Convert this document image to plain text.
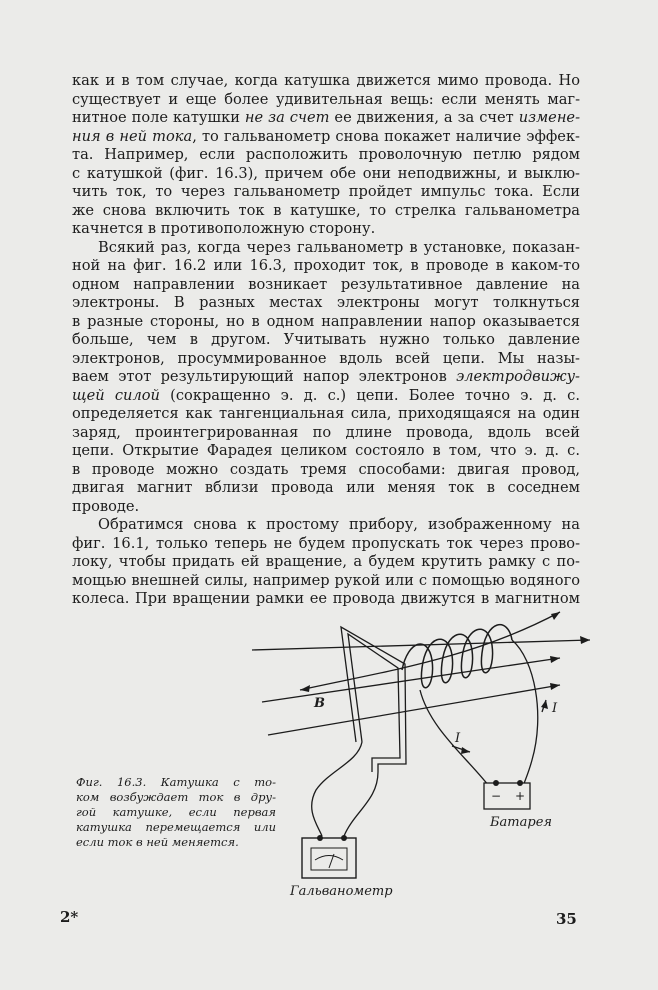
как и в том случае, когда катушка движется мимо провода. Но
существует и еще более удивительная вещь: если менять маг-
нитное поле катушки не за счет ее движения, а за счет измене-
ния в ней тока, то гальванометр снова покажет наличие эффек-
та. Например, если расположить проволочную петлю рядом
с катушкой (фиг. 16.3), причем обе они неподвижны, и выклю-
чить ток, то через гальванометр пройдет импульс тока. Если
же снова включить ток в катушке, то стрелка гальванометра
качнется в противоположную сторону.
Всякий раз, когда через гальванометр в установке, показан-
ной на фиг. 16.2 или 16.3, проходит ток, в проводе в каком-то
одном направлении возникает результативное давление на
электроны. В разных местах электроны могут толкнуться
в разные стороны, но в одном направлении напор оказывается
больше, чем в другом. Учитывать нужно только давление
электронов, просуммированное вдоль всей цепи. Мы назы-
ваем этот результирующий напор электронов электродвижу-
щей силой (сокращенно э. д. с.) цепи. Более точно э. д. с.
определяется как тангенциальная сила, приходящаяся на один
заряд, проинтегрированная по длине провода, вдоль всей
цепи. Открытие Фарадея целиком состояло в том, что э. д. с.
в проводе можно создать тремя способами: двигая провод,
двигая магнит вблизи провода или меняя ток в соседнем
проводе.
Обратимся снова к простому прибору, изображенному на
фиг. 16.1, только теперь не будем пропускать ток через прово-
локу, чтобы придать ей вращение, а будем крутить рамку с по-
мощью внешней силы, например рукой или с помощью водяного
колеса. При вращении рамки ее провода движутся в магнитном
Фиг. 16.3. Катушка с то-
ком возбуждает ток в дру-
гой катушке, если первая
катушка перемещается или
если ток в ней меняется.
− +
B	I
I
Батарея
Гальванометр
2*	35
